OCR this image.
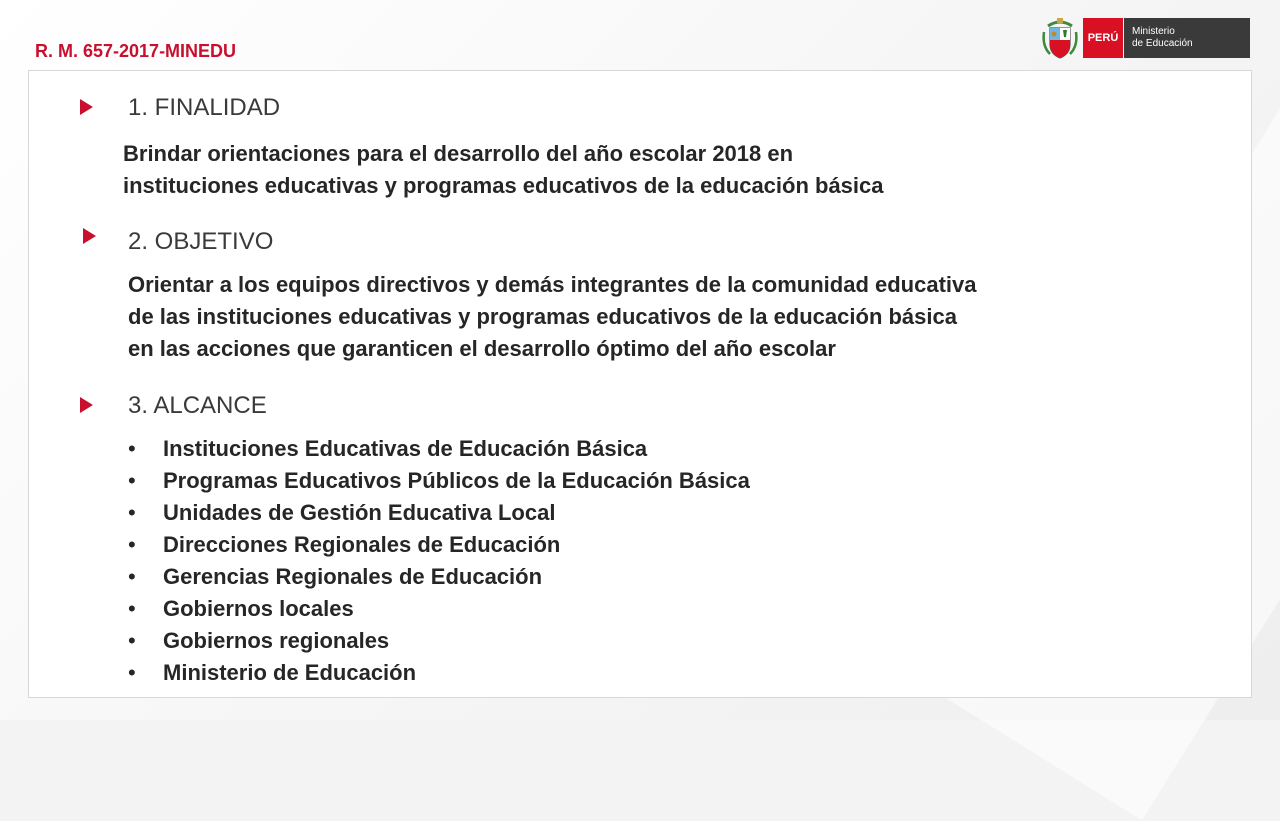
R. M. 657-2017-MINEDU
PERÚ
Ministerio
de Educación
1. FINALIDAD
Brindar orientaciones para el desarrollo del año escolar 2018 en
instituciones educativas y programas educativos de la educación básica
2. OBJETIVO
Orientar a los equipos directivos y demás integrantes de la comunidad educativa
de las instituciones educativas y programas educativos de la educación básica
en las acciones que garanticen el desarrollo óptimo del año escolar
3. ALCANCE
• Instituciones Educativas de Educación Básica
• Programas Educativos Públicos de la Educación Básica
• Unidades de Gestión Educativa Local
• Direcciones Regionales de Educación
• Gerencias Regionales de Educación
• Gobiernos locales
• Gobiernos regionales
• Ministerio de Educación
